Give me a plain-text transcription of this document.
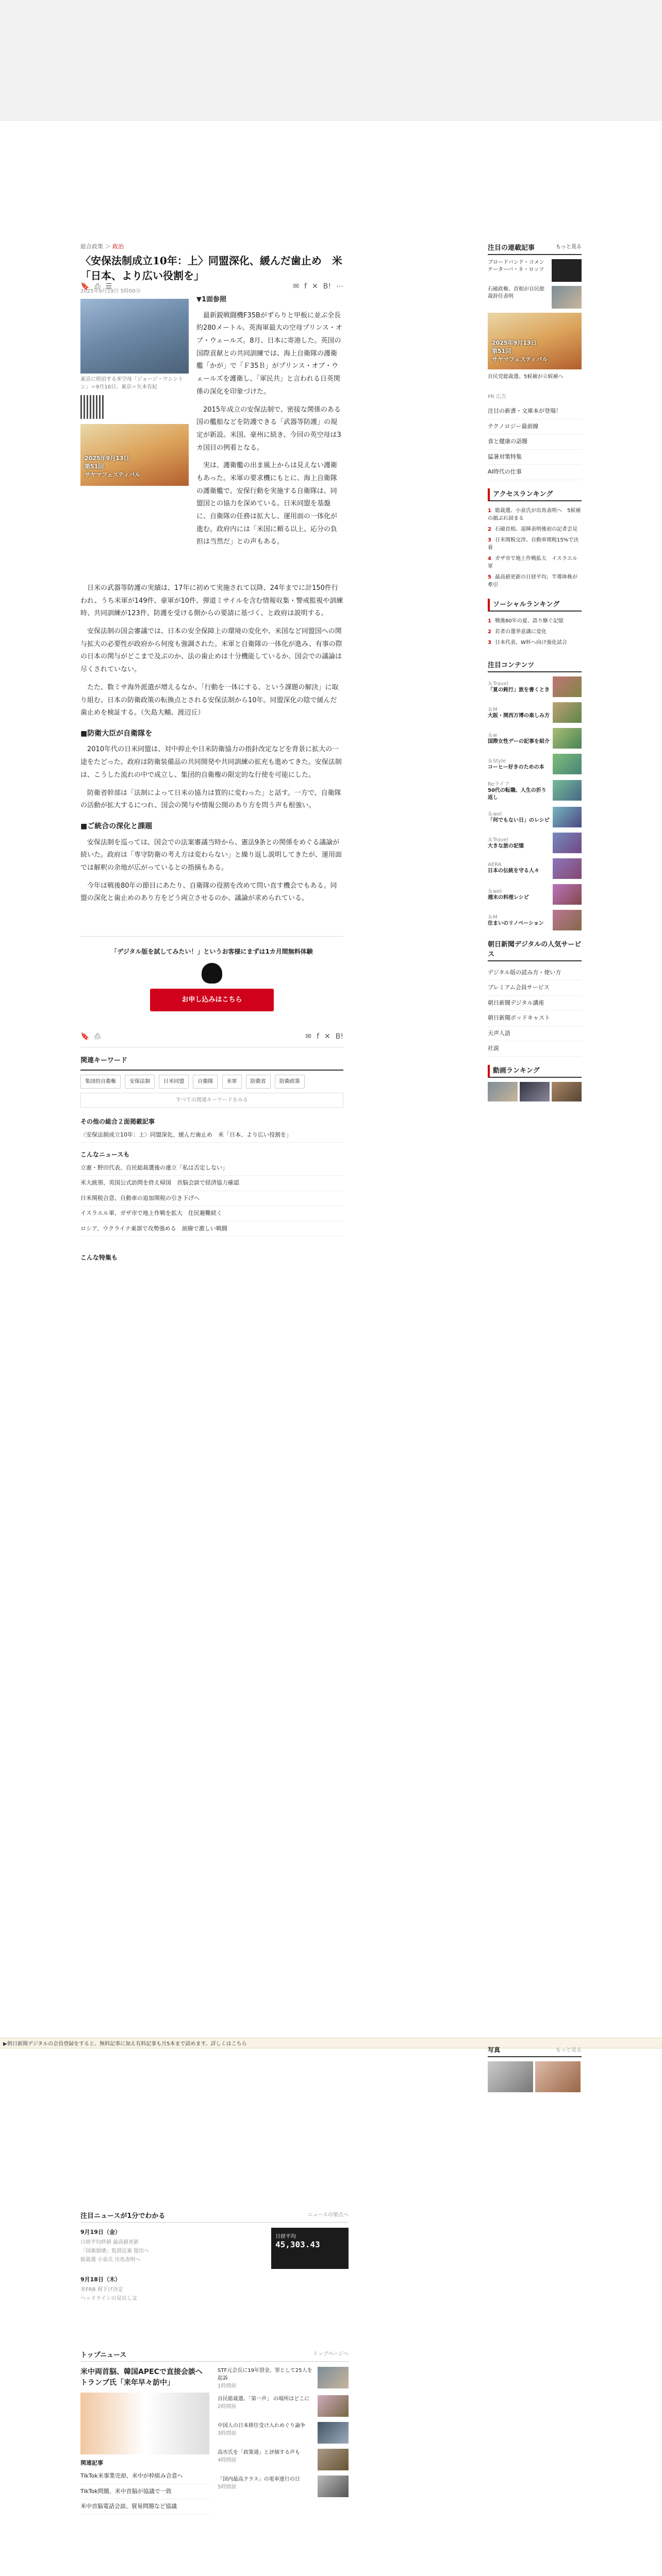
総合政策 ＞ 政治
〈安保法制成立10年：上〉同盟深化、緩んだ歯止め　米「日本、より広い役割を」
2025年9月19日 5時00分
東京に停泊する米空母「ジョージ・ワシントン」＝9月10日、東京＝矢本有紀
2025年9月13日
第51回
サヤマフェスティバル
✉ f ✕ B! ⋯
▼1面参照

最新鋭戦闘機F35Bがずらりと甲板に並ぶ全長約280メートル、英海軍最大の空母プリンス・オブ・ウェールズ。8月、日本に寄港した。英国の国際貢献との共同訓練では、海上自衛隊の護衛艦「かが」で「Ｆ35Ｂ」がプリンス・オブ・ウェールズを護衛し、「軍民共」と言われる日英関係の深化を印象づけた。

2015年成立の安保法制で、密接な関係のある国の艦船などを防護できる「武器等防護」の規定が新設。米国、豪州に続き、今回の英空母は3カ国目の例着となる。

実は、護衛艦の出ま風上からは見えない護衛もあった。米軍の要求機にもとに、海上自衛隊の護衛艦で、安保行動を実施する自衛隊は、同盟国との協力を深めている。日米同盟を基盤に、自衛隊の任務は拡大し、運用面の一体化が進む。政府内には「米国に頼る以上、応分の負担は当然だ」との声もある。

🔖 ⎙ ☰

日米の武器等防護の実績は、17年に初めて実施されて以降、24年までに計150件行われ、うち米軍が149件、豪軍が10件。弾道ミサイルを含む情報収集・警戒監視や訓練時、共同訓練が123件、防護を受ける側からの要請に基づく、と政府は説明する。

安保法制の国会審議では、日本の安全保障上の環境の変化や、米国など同盟国への関与拡大の必要性が政府から何度も強調された。米軍と自衛隊の一体化が進み、有事の際の日本の関与がどこまで及ぶのか、法の歯止めは十分機能しているか、国会での議論は尽くされていない。

たた、数ミサ海外派遣が増えるなか、「行動を一体にする、という課題の解決」に取り組む。日本の防衛政策の転換点とされる安保法制から10年。同盟深化の陰で緩んだ歯止めを検証する。（矢島大輔、渡辺丘）

■防衛大臣が自衛隊を

2010年代の日米同盟は、対中抑止や日米防衛協力の指針改定などを背景に拡大の一途をたどった。政府は防衛装備品の共同開発や共同訓練の拡充も進めてきた。安保法制は、こうした流れの中で成立し、集団的自衛権の限定的な行使を可能にした。

防衛省幹部は「法制によって日米の協力は質的に変わった」と話す。一方で、自衛隊の活動が拡大するにつれ、国会の関与や情報公開のあり方を問う声も根強い。

■ご統合の深化と課題

安保法制を巡っては、国会での法案審議当時から、憲法9条との関係をめぐる議論が続いた。政府は「専守防衛の考え方は変わらない」と繰り返し説明してきたが、運用面では解釈の余地が広がっているとの指摘もある。

今年は戦後80年の節目にあたり、自衛隊の役割を改めて問い直す機会でもある。同盟の深化と歯止めのあり方をどう両立させるのか、議論が求められている。

「デジタル版を試してみたい！」というお客様にまずは1カ月間無料体験
お申し込みはこちら
🔖 ⎙	✉ f ✕ B!
関連キーワード
集団的自衛権	安保法制	日米同盟	自衛隊	米軍	防衛省	防衛政策
すべての関連キーワードをみる
その他の総合２面掲載記事
〈安保法制成立10年：上〉同盟深化、緩んだ歯止め　米「日本、より広い役割を」
こんなニュースも
立憲・野田代表、自民総裁選後の連立「私は否定しない」
米大統領、英国公式訪問を終え帰国　首脳会談で経済協力確認
日米関税合意、自動車の追加関税の引き下げへ
イスラエル軍、ガザ市で地上作戦を拡大　住民避難続く
ロシア、ウクライナ東部で攻勢強める　前線で激しい戦闘
こんな特集も
注目の連載記事	もっと見る
ブロードバンド・コメンテーターバ・ネ・ロッツ
石破政権、首相が自民総裁辞任表明
2025年9月13日
第51回
サヤマフェスティバル
自民党総裁選、5候補が立候補へ
PR 広告
注目の新書・文庫本が登場！
テクノロジー最前線
食と健康の話題
猛暑対策特集
AI時代の仕事
アクセスランキング
1 総裁選、小泉氏が出馬表明へ　5候補の顔ぶれ固まる
2 石破首相、退陣表明後初の記者会見
3 日米関税交渉、自動車関税15%で決着
4 ガザ市で地上作戦拡大　イスラエル軍
5 最高値更新の日経平均、半導体株が牽引
ソーシャルランキング
1 戦後80年の夏、語り継ぐ記憶
2 若者の選挙意識に変化
3 日本代表、W杯へ向け強化試合
注目コンテンツ
＆Travel
「夏の鈍行」旅を書くとき
＆M
大阪・関西万博の楽しみ方
＆w
国際女性デーの記事を紹介
＆Style
コーヒー好きのための本
Reライフ
50代の転職、人生の折り返し
＆wel
「何でもない日」のレシピ
＆Travel
大きな旅の記憶
AERA
日本の伝統を守る人々
＆wel
週末の料理レシピ
＆M
住まいのリノベーション
朝日新聞デジタルの人気サービス
デジタル版の読み方・使い方
プレミアム会員サービス
朝日新聞デジタル講座
朝日新聞ポッドキャスト
天声人語
社説
動画ランキング
▶朝日新聞デジタルの会員登録をすると、無料記事に加え有料記事も月5本まで読めます。詳しくはこちら
注目ニュースが1分でわかる	ニュースの要点へ
9月19日（金）
日経平均終値 最高値更新
「国旗損壊」処罰法案 提出へ
総裁選 小泉氏 出馬表明へ
日経平均
45,303.43
9月18日（木）
米FRB 利下げ決定
ヘッドラインの見出し文
トップニュース	トップページへ
米中両首脳、韓国APECで直接会談へ　トランプ氏「来年早々訪中」
関連記事
TikTok米事業売却、米中が枠組み合意へ
TikTok問題、米中首脳が協議で一致
米中首脳電話会談、貿易問題など協議
STF元会長に19年罰金、罪として25人を起訴
1時間前
自民総裁選、「第一声」 の場所はどこに
2時間前
中国人の日本移住受け入れめぐり論争
3時間前
高市氏を「政策通」と評価する声も
4時間前
「国内最高クラス」の電車運行の日
5時間前
写真	もっと見る
